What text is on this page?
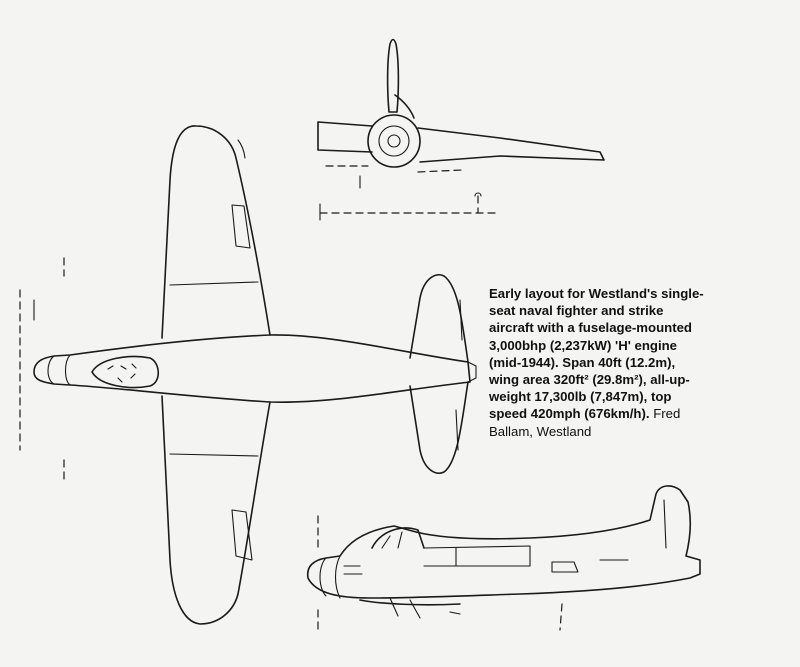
Early layout for Westland's single-
seat naval fighter and strike
aircraft with a fuselage-mounted
3,000bhp (2,237kW) 'H' engine
(mid-1944). Span 40ft (12.2m),
wing area 320ft² (29.8m²), all-up-
weight 17,300lb (7,847m), top
speed 420mph (676km/h). Fred
Ballam, Westland
